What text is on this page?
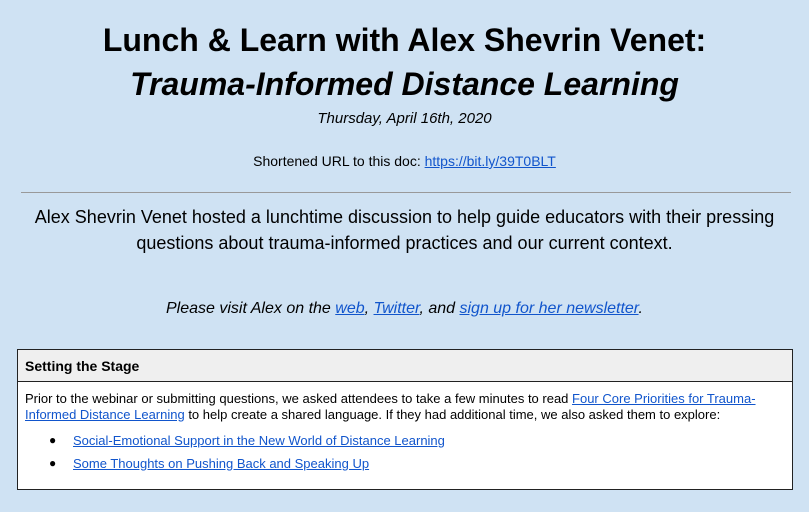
Lunch & Learn with Alex Shevrin Venet:
Trauma-Informed Distance Learning
Thursday, April 16th, 2020
Shortened URL to this doc: https://bit.ly/39T0BLT
Alex Shevrin Venet hosted a lunchtime discussion to help guide educators with their pressing questions about trauma-informed practices and our current context.
Please visit Alex on the web, Twitter, and sign up for her newsletter.
Setting the Stage
Prior to the webinar or submitting questions, we asked attendees to take a few minutes to read Four Core Priorities for Trauma-Informed Distance Learning to help create a shared language. If they had additional time, we also asked them to explore:
● Social-Emotional Support in the New World of Distance Learning
● Some Thoughts on Pushing Back and Speaking Up
